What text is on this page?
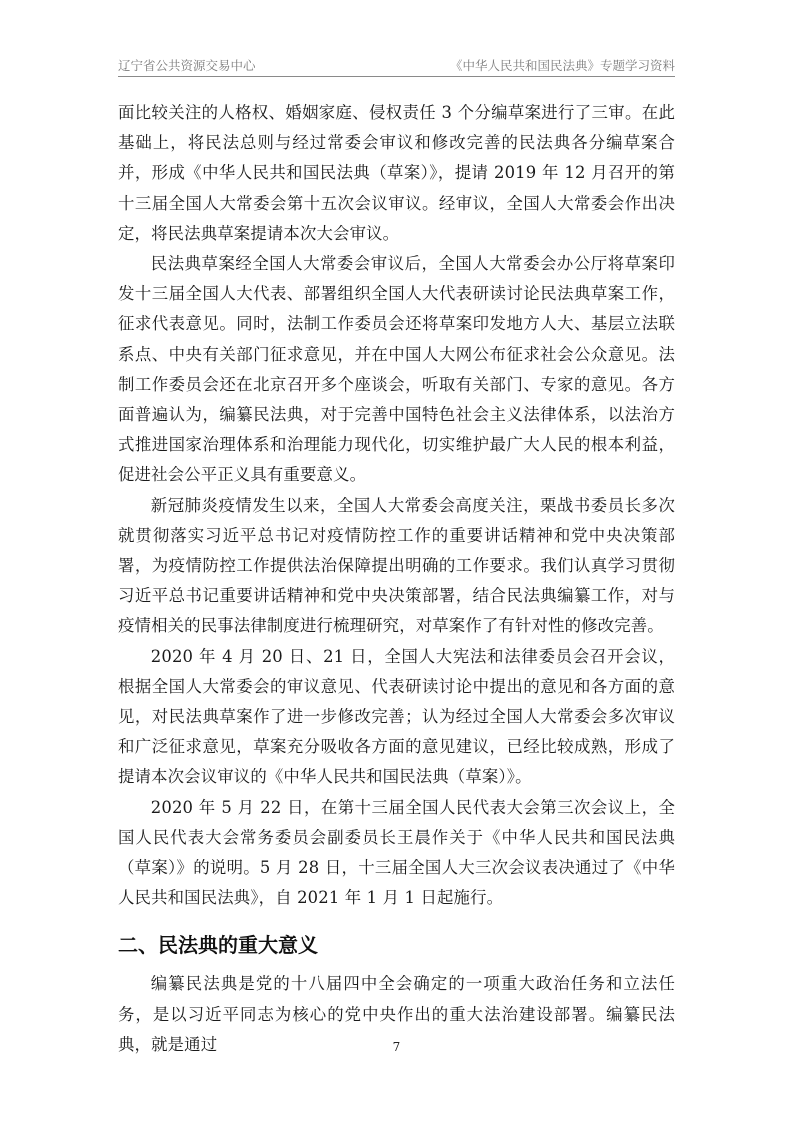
辽宁省公共资源交易中心	《中华人民共和国民法典》专题学习资料

面比较关注的人格权、婚姻家庭、侵权责任 3 个分编草案进行了三审。在此基础上，将民法总则与经过常委会审议和修改完善的民法典各分编草案合并，形成《中华人民共和国民法典（草案）》，提请 2019 年 12 月召开的第十三届全国人大常委会第十五次会议审议。经审议，全国人大常委会作出决定，将民法典草案提请本次大会审议。

民法典草案经全国人大常委会审议后，全国人大常委会办公厅将草案印发十三届全国人大代表、部署组织全国人大代表研读讨论民法典草案工作，征求代表意见。同时，法制工作委员会还将草案印发地方人大、基层立法联系点、中央有关部门征求意见，并在中国人大网公布征求社会公众意见。法制工作委员会还在北京召开多个座谈会，听取有关部门、专家的意见。各方面普遍认为，编纂民法典，对于完善中国特色社会主义法律体系，以法治方式推进国家治理体系和治理能力现代化，切实维护最广大人民的根本利益，促进社会公平正义具有重要意义。

新冠肺炎疫情发生以来，全国人大常委会高度关注，栗战书委员长多次就贯彻落实习近平总书记对疫情防控工作的重要讲话精神和党中央决策部署，为疫情防控工作提供法治保障提出明确的工作要求。我们认真学习贯彻习近平总书记重要讲话精神和党中央决策部署，结合民法典编纂工作，对与疫情相关的民事法律制度进行梳理研究，对草案作了有针对性的修改完善。

2020 年 4 月 20 日、21 日，全国人大宪法和法律委员会召开会议，根据全国人大常委会的审议意见、代表研读讨论中提出的意见和各方面的意见，对民法典草案作了进一步修改完善；认为经过全国人大常委会多次审议和广泛征求意见，草案充分吸收各方面的意见建议，已经比较成熟，形成了提请本次会议审议的《中华人民共和国民法典（草案）》。

2020 年 5 月 22 日，在第十三届全国人民代表大会第三次会议上，全国人民代表大会常务委员会副委员长王晨作关于《中华人民共和国民法典（草案）》的说明。5 月 28 日，十三届全国人大三次会议表决通过了《中华人民共和国民法典》，自 2021 年 1 月 1 日起施行。

二、民法典的重大意义

编纂民法典是党的十八届四中全会确定的一项重大政治任务和立法任务，是以习近平同志为核心的党中央作出的重大法治建设部署。编纂民法典，就是通过	7
